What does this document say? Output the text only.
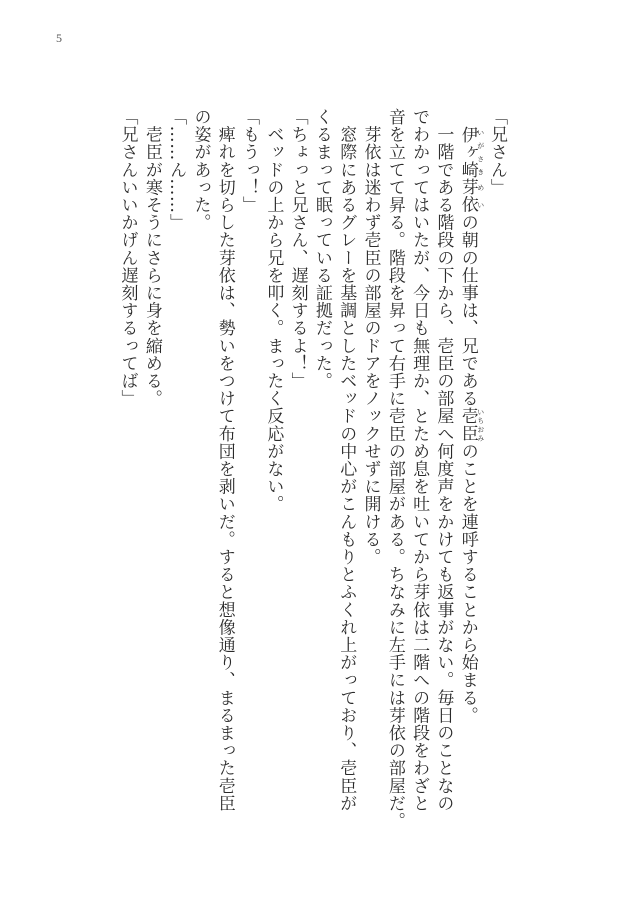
5
「兄さん」
　伊ヶ崎 いがさき芽依 めいの朝の仕事は、兄である壱臣 いちおみのことを連呼することから始まる。
　一階である階段の下から、壱臣の部屋へ何度声をかけても返事がない。毎日のことなの
でわかってはいたが、今日も無理か、とため息を吐いてから芽依は二階への階段をわざと
音を立てて昇る。階段を昇って右手に壱臣の部屋がある。ちなみに左手には芽依の部屋だ。
　芽依は迷わず壱臣の部屋のドアをノックせずに開ける。
　窓際にあるグレーを基調としたベッドの中心がこんもりとふくれ上がっており、壱臣が
くるまって眠っている証拠だった。
「ちょっと兄さん、遅刻するよ！」
　ベッドの上から兄を叩く。まったく反応がない。
「もうっ！」
　痺れを切らした芽依は、勢いをつけて布団を剥いだ。すると想像通り、まるまった壱臣
の姿があった。
「……ん……」
　壱臣が寒そうにさらに身を縮める。
「兄さんいいかげん遅刻するってば」
